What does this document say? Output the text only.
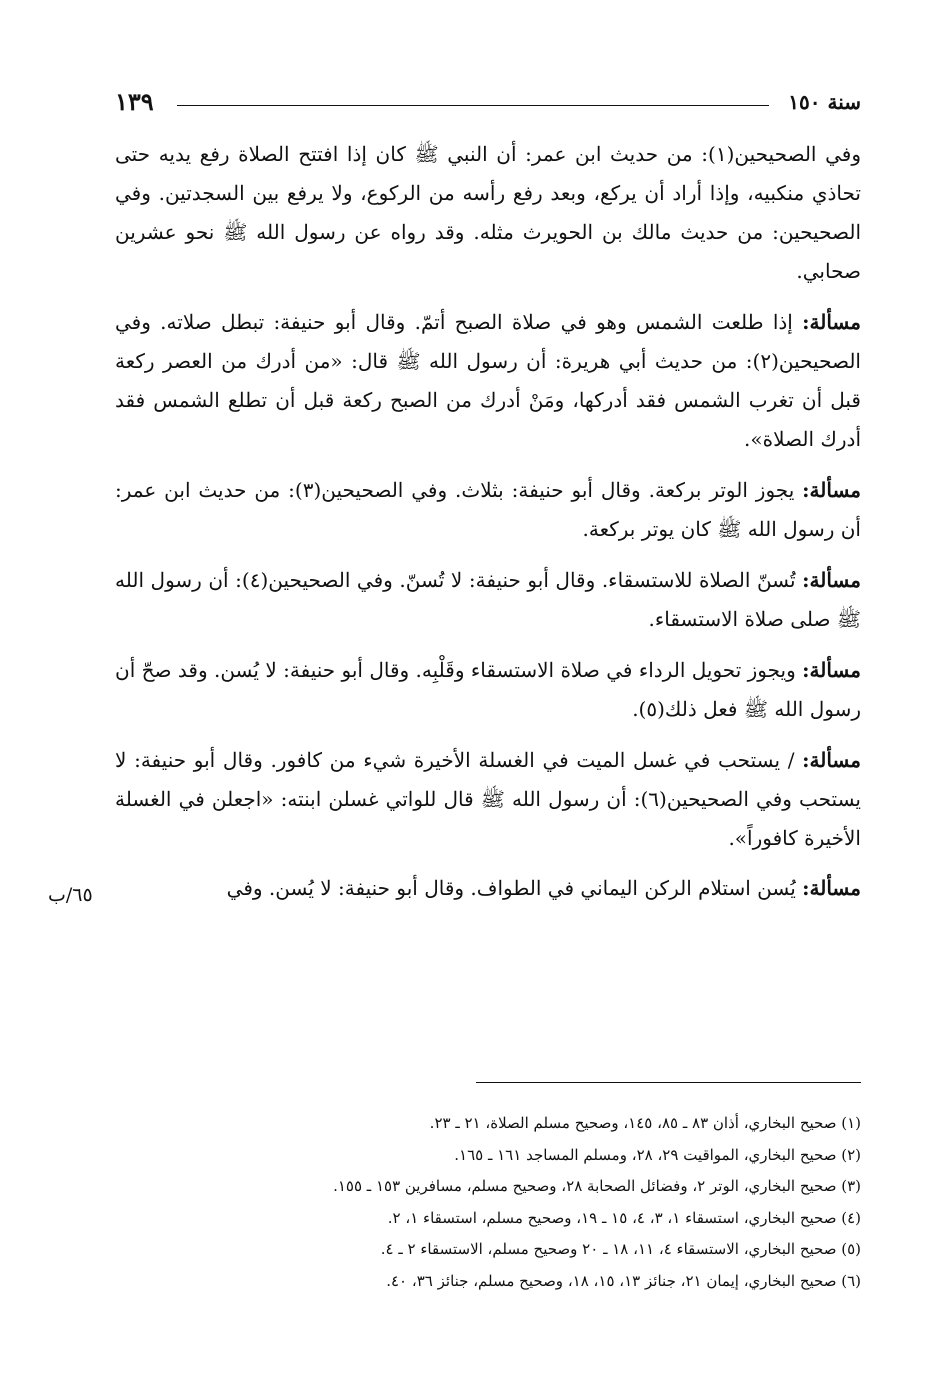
سنة ١٥٠
١٣٩

وفي الصحيحين(١): من حديث ابن عمر: أن النبي ﷺ كان إذا افتتح الصلاة رفع يديه حتى تحاذي منكبيه، وإذا أراد أن يركع، وبعد رفع رأسه من الركوع، ولا يرفع بين السجدتين. وفي الصحيحين: من حديث مالك بن الحويرث مثله. وقد رواه عن رسول الله ﷺ نحو عشرين صحابي.

مسألة: إذا طلعت الشمس وهو في صلاة الصبح أتمّ. وقال أبو حنيفة: تبطل صلاته. وفي الصحيحين(٢): من حديث أبي هريرة: أن رسول الله ﷺ قال: «من أدرك من العصر ركعة قبل أن تغرب الشمس فقد أدركها، ومَنْ أدرك من الصبح ركعة قبل أن تطلع الشمس فقد أدرك الصلاة».

مسألة: يجوز الوتر بركعة. وقال أبو حنيفة: بثلاث. وفي الصحيحين(٣): من حديث ابن عمر: أن رسول الله ﷺ كان يوتر بركعة.

مسألة: تُسنّ الصلاة للاستسقاء. وقال أبو حنيفة: لا تُسنّ. وفي الصحيحين(٤): أن رسول الله ﷺ صلى صلاة الاستسقاء.

مسألة: ويجوز تحويل الرداء في صلاة الاستسقاء وقَلْبِه. وقال أبو حنيفة: لا يُسن. وقد صحّ أن رسول الله ﷺ فعل ذلك(٥).

مسألة: / يستحب في غسل الميت في الغسلة الأخيرة شيء من كافور. وقال أبو حنيفة: لا يستحب وفي الصحيحين(٦): أن رسول الله ﷺ قال للواتي غسلن ابنته: «اجعلن في الغسلة الأخيرة كافوراً».

مسألة: يُسن استلام الركن اليماني في الطواف. وقال أبو حنيفة: لا يُسن. وفي

٦٥/ب

(١) صحيح البخاري، أذان ٨٣ ـ ٨٥، ١٤٥، وصحيح مسلم الصلاة، ٢١ ـ ٢٣.

(٢) صحيح البخاري، المواقيت ٢٩، ٢٨، ومسلم المساجد ١٦١ ـ ١٦٥.

(٣) صحيح البخاري، الوتر ٢، وفضائل الصحابة ٢٨، وصحيح مسلم، مسافرين ١٥٣ ـ ١٥٥.

(٤) صحيح البخاري، استسقاء ١، ٣، ٤، ١٥ ـ ١٩، وصحيح مسلم، استسقاء ١، ٢.

(٥) صحيح البخاري، الاستسقاء ٤، ١١، ١٨ ـ ٢٠ وصحيح مسلم، الاستسقاء ٢ ـ ٤.

(٦) صحيح البخاري، إيمان ٢١، جنائز ١٣، ١٥، ١٨، وصحيح مسلم، جنائز ٣٦، ٤٠.
